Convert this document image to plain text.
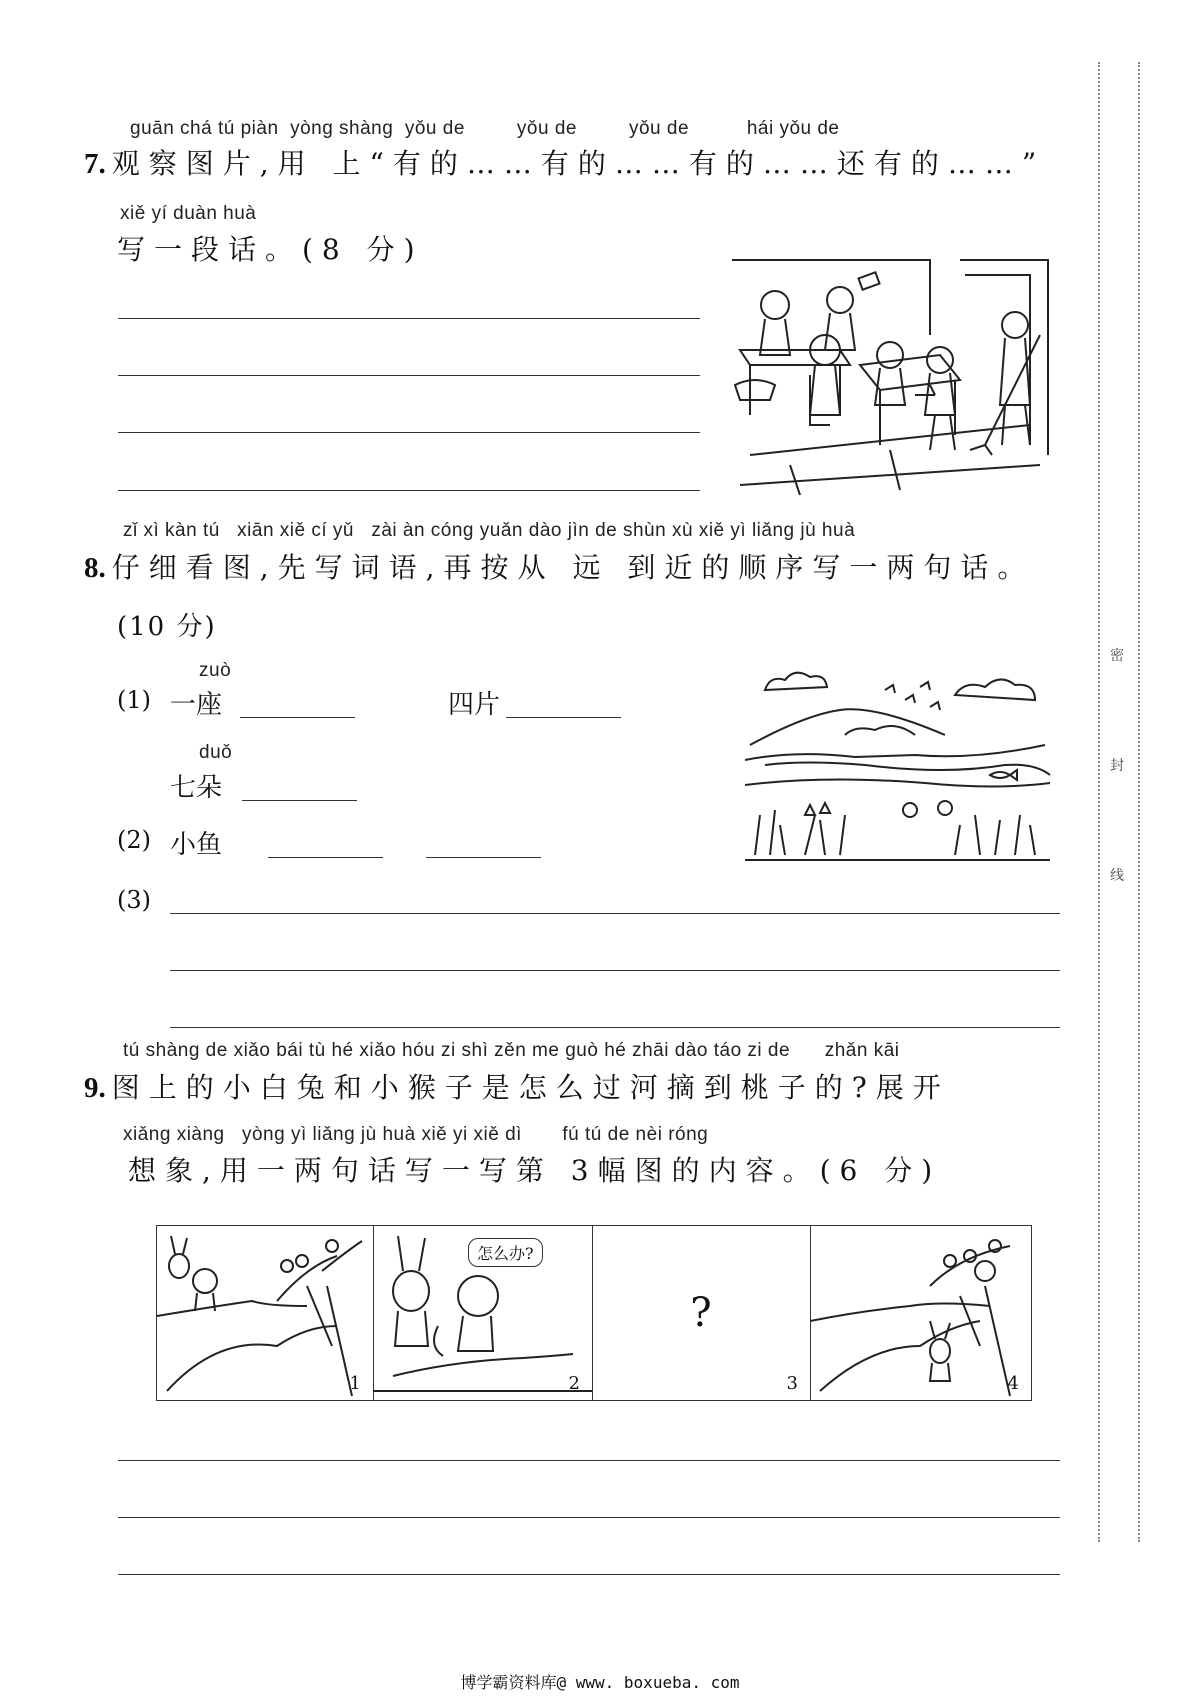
密
封
线
guān chá tú piàn  yòng shàng  yǒu de         yǒu de         yǒu de          hái yǒu de
7. 观察图片,用 上“有的……有的……有的……还有的……”
xiě yí duàn huà
写一段话。(8 分)
zǐ xì kàn tú   xiān xiě cí yǔ   zài àn cóng yuǎn dào jìn de shùn xù xiě yì liǎng jù huà
8. 仔细看图,先写词语,再按从 远 到近的顺序写一两句话。
(10 分)
zuò
(1) 一座	四片
duǒ
七朵
(2) 小鱼
(3)
tú shàng de xiǎo bái tù hé xiǎo hóu zi shì zěn me guò hé zhāi dào táo zi de      zhǎn kāi
9. 图上的小白兔和小猴子是怎么过河摘到桃子的?展开
xiǎng xiàng   yòng yì liǎng jù huà xiě yi xiě dì       fú tú de nèi róng
想象,用一两句话写一写第 3幅图的内容。(6 分)
1
怎么办?
2
?
3	4
博学霸资料库@ www. boxueba. com
